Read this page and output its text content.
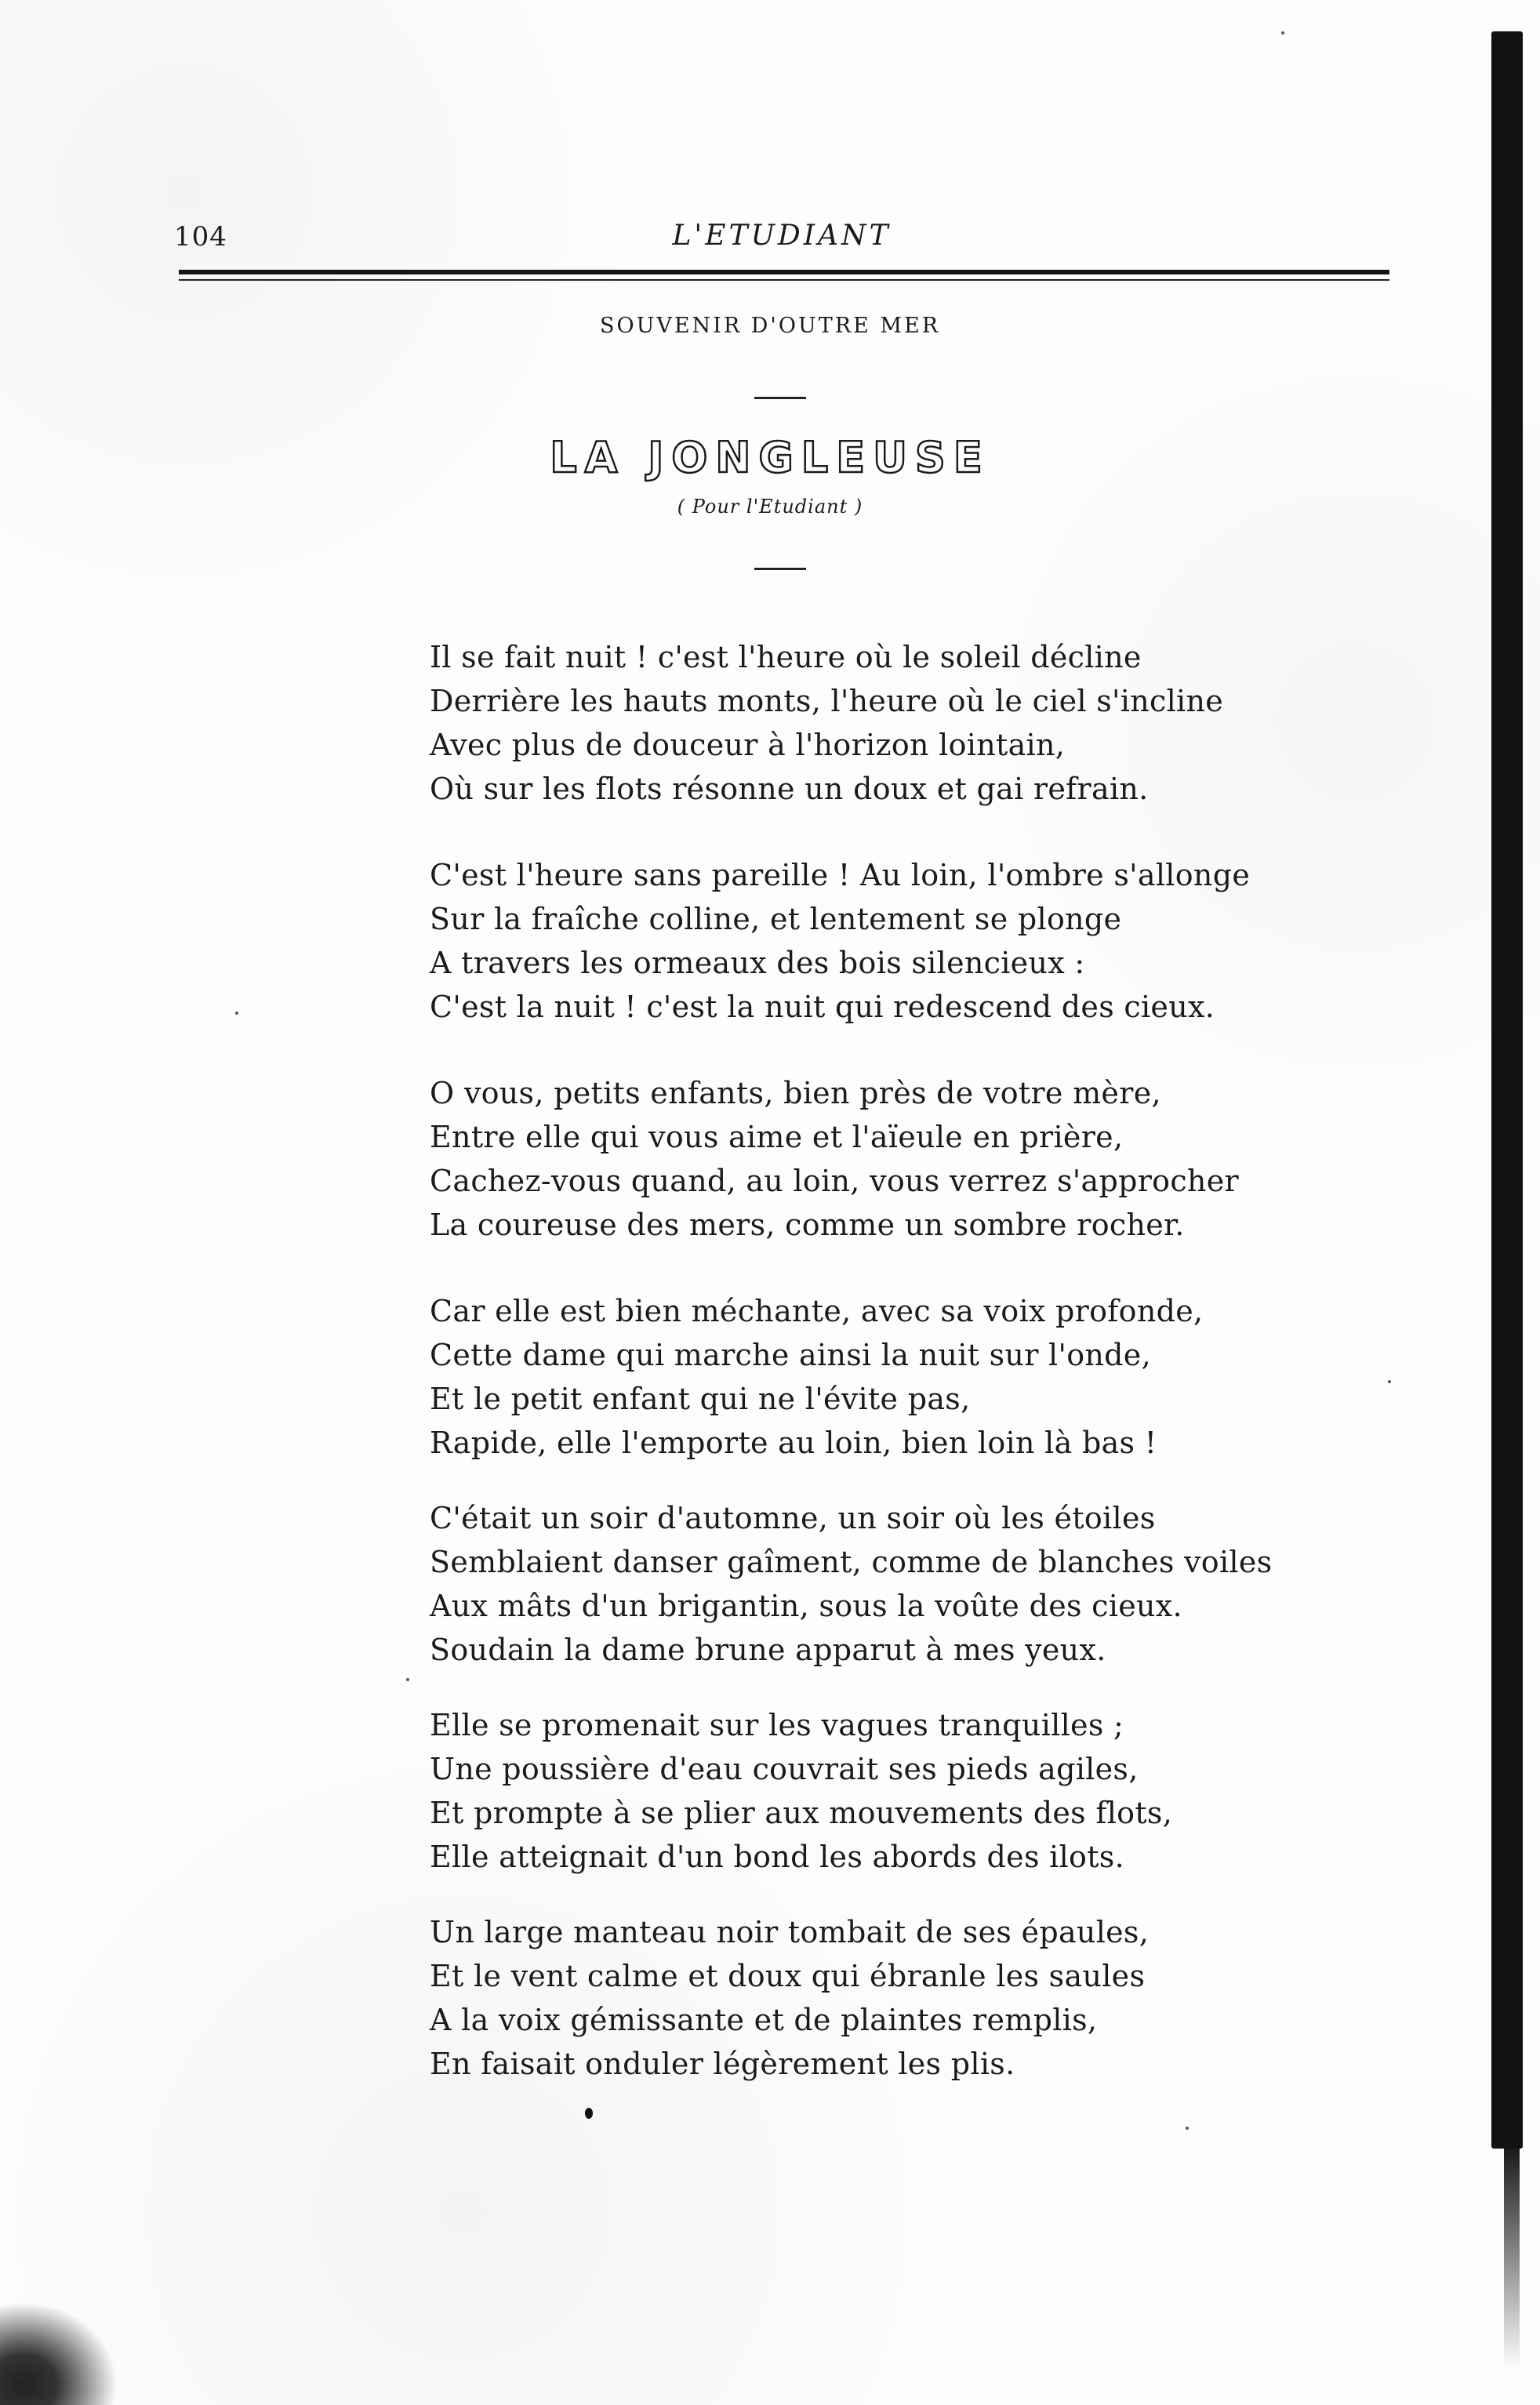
104	L'ETUDIANT
SOUVENIR D'OUTRE MER
LA JONGLEUSE
( Pour l'Etudiant )
Il se fait nuit ! c'est l'heure où le soleil décline
Derrière les hauts monts, l'heure où le ciel s'incline
Avec plus de douceur à l'horizon lointain,
Où sur les flots résonne un doux et gai refrain.
C'est l'heure sans pareille ! Au loin, l'ombre s'allonge
Sur la fraîche colline, et lentement se plonge
A travers les ormeaux des bois silencieux :
C'est la nuit ! c'est la nuit qui redescend des cieux.
O vous, petits enfants, bien près de votre mère,
Entre elle qui vous aime et l'aïeule en prière,
Cachez-vous quand, au loin, vous verrez s'approcher
La coureuse des mers, comme un sombre rocher.
Car elle est bien méchante, avec sa voix profonde,
Cette dame qui marche ainsi la nuit sur l'onde,
Et le petit enfant qui ne l'évite pas,
Rapide, elle l'emporte au loin, bien loin là bas !
C'était un soir d'automne, un soir où les étoiles
Semblaient danser gaîment, comme de blanches voiles
Aux mâts d'un brigantin, sous la voûte des cieux.
Soudain la dame brune apparut à mes yeux.
Elle se promenait sur les vagues tranquilles ;
Une poussière d'eau couvrait ses pieds agiles,
Et prompte à se plier aux mouvements des flots,
Elle atteignait d'un bond les abords des ilots.
Un large manteau noir tombait de ses épaules,
Et le vent calme et doux qui ébranle les saules
A la voix gémissante et de plaintes remplis,
En faisait onduler légèrement les plis.
